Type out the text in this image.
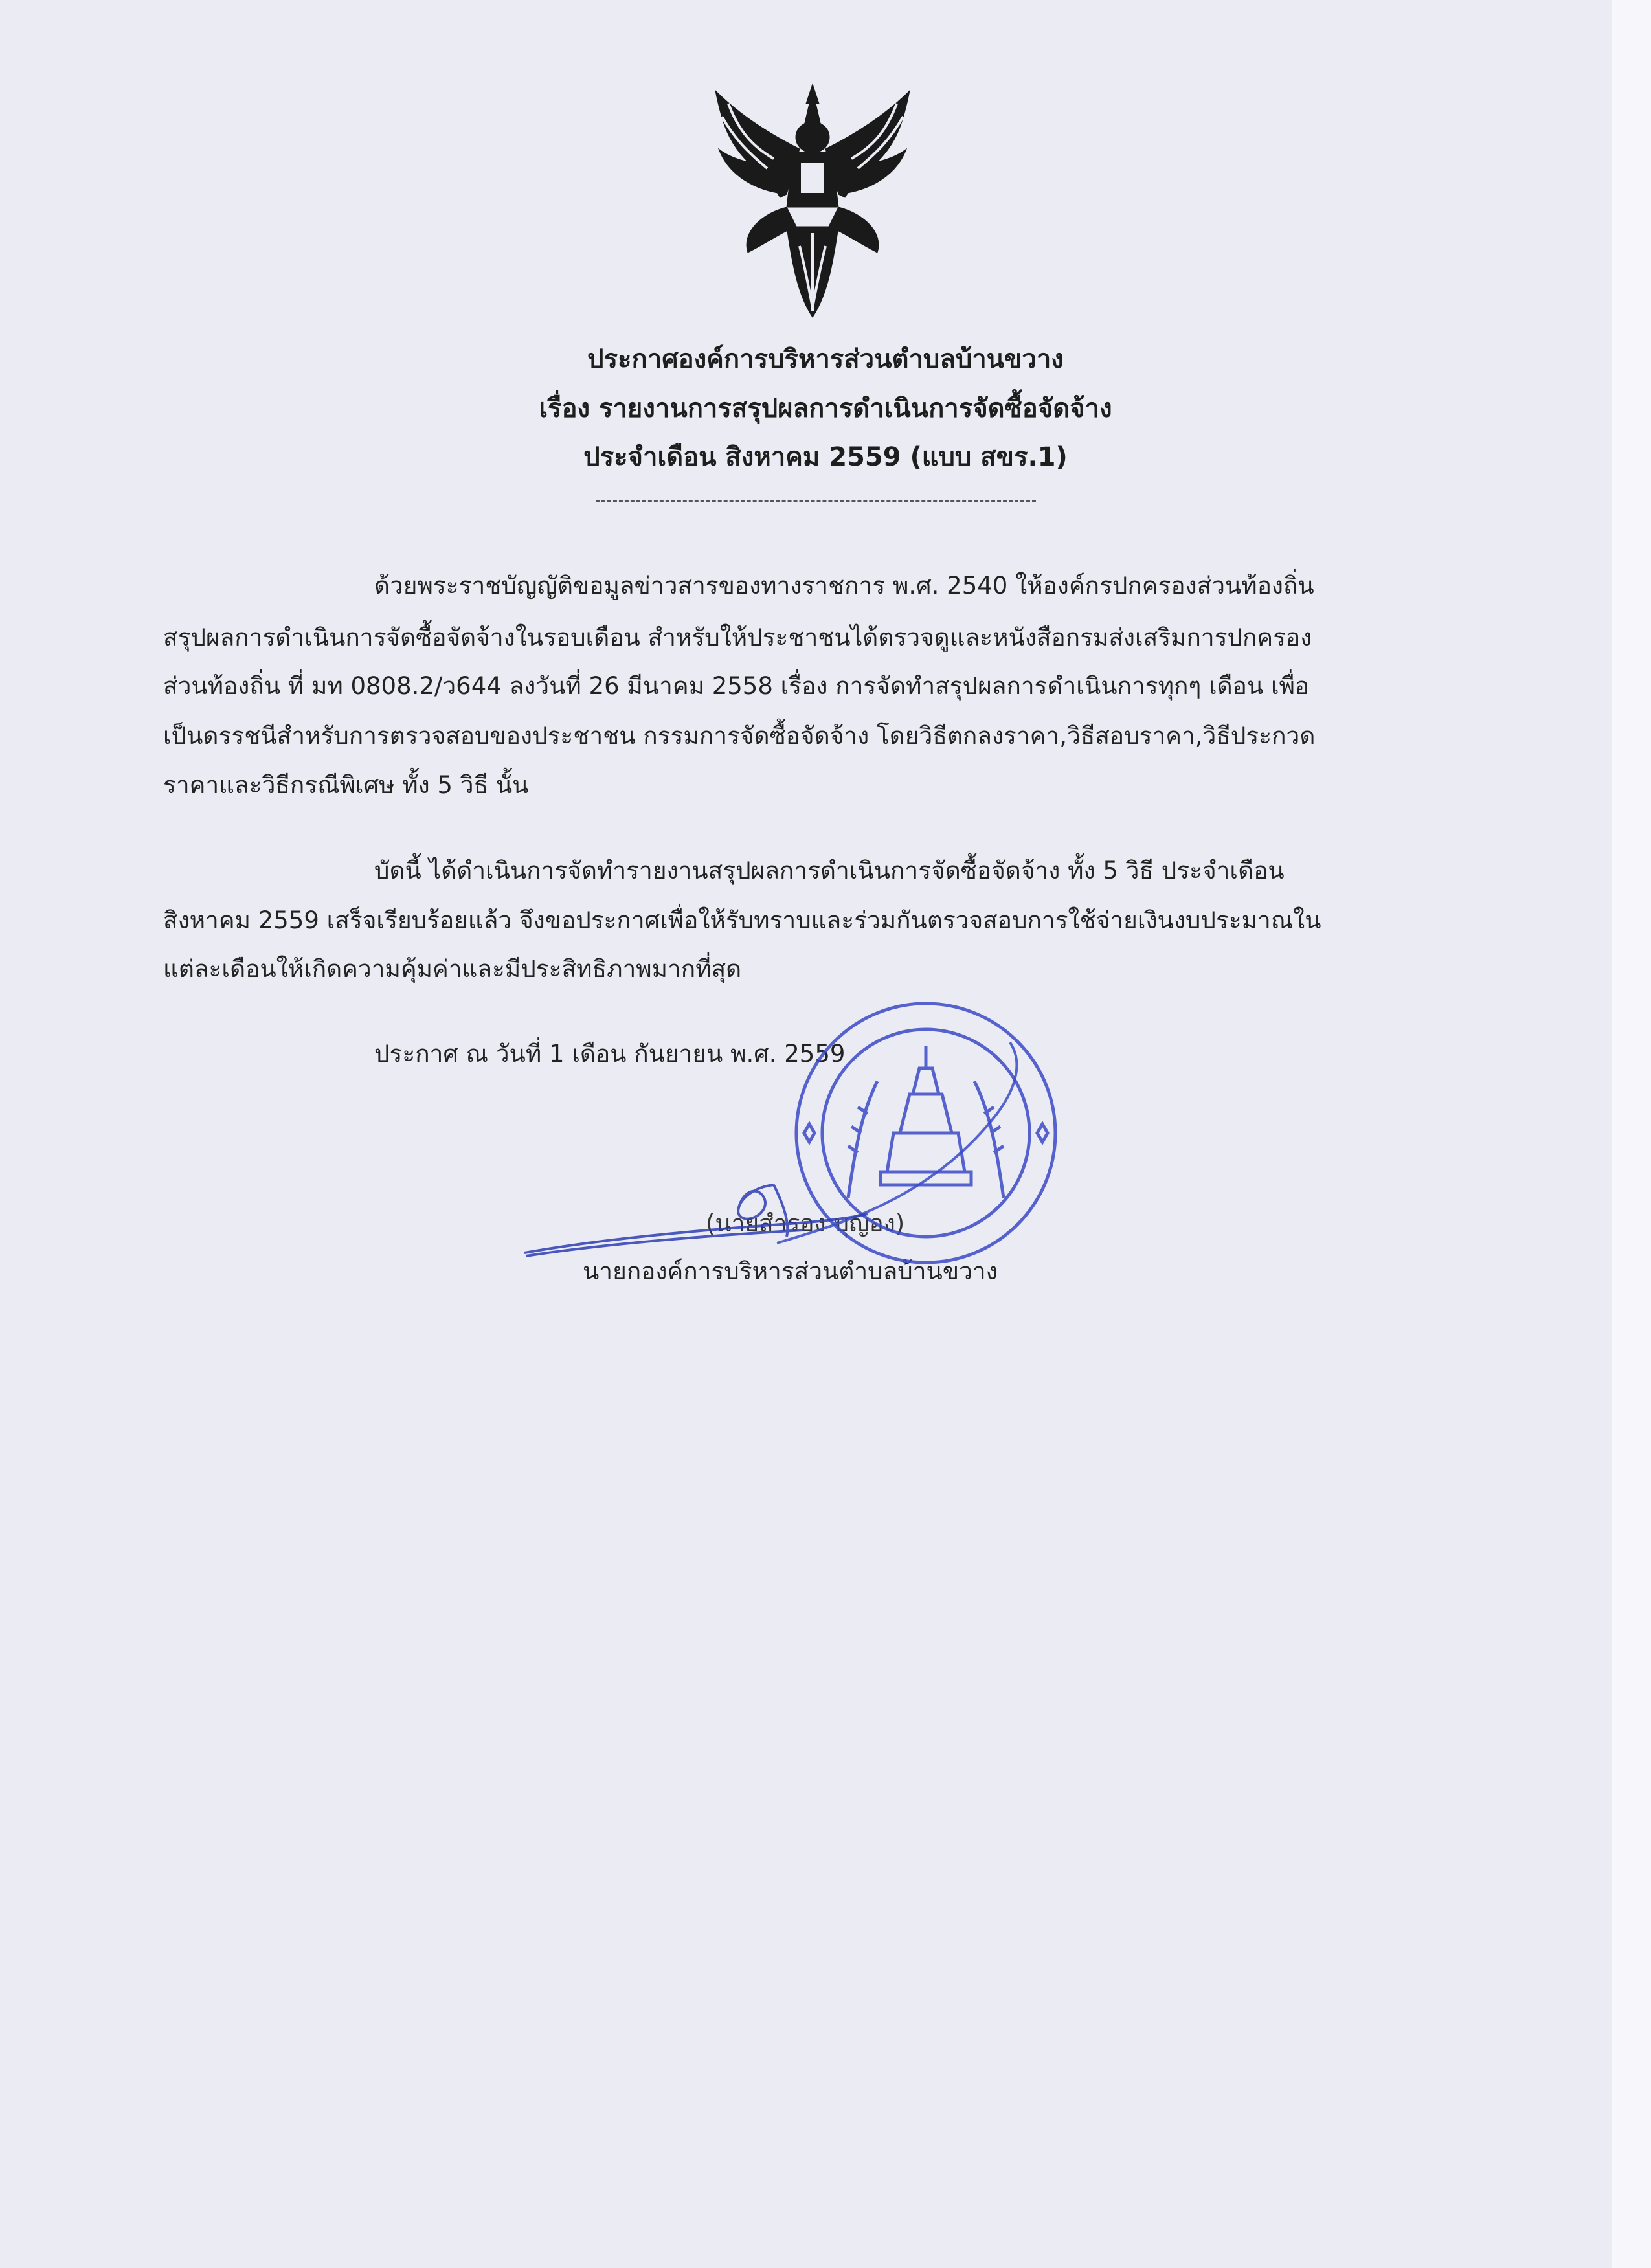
ประกาศองค์การบริหารส่วนตำบลบ้านขวาง
เรื่อง รายงานการสรุปผลการดำเนินการจัดซื้อจัดจ้าง
ประจำเดือน สิงหาคม 2559 (แบบ สขร.1)
ด้วยพระราชบัญญัติขอมูลข่าวสารของทางราชการ พ.ศ. 2540 ให้องค์กรปกครองส่วนท้องถิ่น
สรุปผลการดำเนินการจัดซื้อจัดจ้างในรอบเดือน สำหรับให้ประชาชนได้ตรวจดูและหนังสือกรมส่งเสริมการปกครอง
ส่วนท้องถิ่น ที่ มท 0808.2/ว644 ลงวันที่ 26 มีนาคม 2558 เรื่อง การจัดทำสรุปผลการดำเนินการทุกๆ เดือน เพื่อ
เป็นดรรชนีสำหรับการตรวจสอบของประชาชน กรรมการจัดซื้อจัดจ้าง โดยวิธีตกลงราคา,วิธีสอบราคา,วิธีประกวด
ราคาและวิธีกรณีพิเศษ ทั้ง 5 วิธี นั้น
บัดนี้ ได้ดำเนินการจัดทำรายงานสรุปผลการดำเนินการจัดซื้อจัดจ้าง ทั้ง 5 วิธี ประจำเดือน
สิงหาคม 2559 เสร็จเรียบร้อยแล้ว จึงขอประกาศเพื่อให้รับทราบและร่วมกันตรวจสอบการใช้จ่ายเงินงบประมาณใน
แต่ละเดือนให้เกิดความคุ้มค่าและมีประสิทธิภาพมากที่สุด
ประกาศ ณ วันที่ 1 เดือน กันยายน พ.ศ. 2559
(นายสำรอง บุญอง)
นายกองค์การบริหารส่วนตำบลบ้านขวาง
